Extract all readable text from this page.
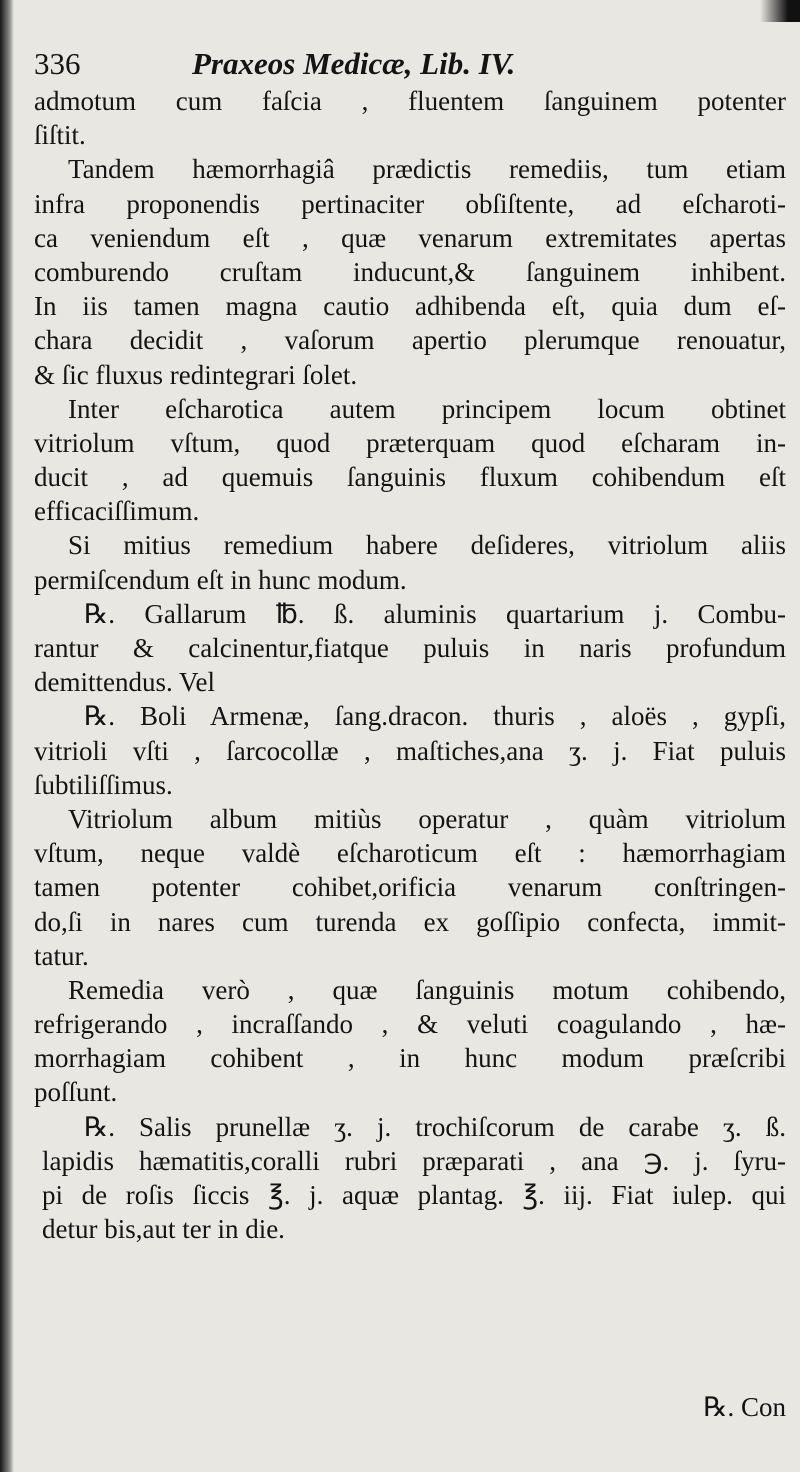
336	Praxeos Medicæ, Lib. IV.
admotum cum faſcia , fluentem ſanguinem potenter
ſiſtit.
Tandem hæmorrhagiâ prædictis remediis, tum etiam
infra proponendis pertinaciter obſiſtente, ad eſcharoti-
ca veniendum eſt , quæ venarum extremitates apertas
comburendo cruſtam inducunt,& ſanguinem inhibent.
In iis tamen magna cautio adhibenda eſt, quia dum eſ-
chara decidit , vaſorum apertio plerumque renouatur,
& ſic fluxus redintegrari ſolet.
Inter eſcharotica autem principem locum obtinet
vitriolum vſtum, quod præterquam quod eſcharam in-
ducit , ad quemuis ſanguinis fluxum cohibendum eſt
efficaciſſimum.
Si mitius remedium habere deſideres, vitriolum aliis
permiſcendum eſt in hunc modum.
℞. Gallarum ℔. ß. aluminis quartarium j. Combu-
rantur & calcinentur,fiatque puluis in naris profundum
demittendus. Vel
℞. Boli Armenæ, ſang.dracon. thuris , aloës , gypſi,
vitrioli vſti , ſarcocollæ , maſtiches,ana ʒ. j. Fiat puluis
ſubtiliſſimus.
Vitriolum album mitiùs operatur , quàm vitriolum
vſtum, neque valdè eſcharoticum eſt : hæmorrhagiam
tamen potenter cohibet,orificia venarum conſtringen-
do,ſi in nares cum turenda ex goſſipio confecta, immit-
tatur.
Remedia verò , quæ ſanguinis motum cohibendo,
refrigerando , incraſſando , & veluti coagulando , hæ-
morrhagiam cohibent , in hunc modum præſcribi
poſſunt.
℞. Salis prunellæ ʒ. j. trochiſcorum de carabe ʒ. ß.
lapidis hæmatitis,coralli rubri præparati , ana ℈. j. ſyru-
pi de roſis ſiccis ℥. j. aquæ plantag. ℥. iij. Fiat iulep. qui
detur bis,aut ter in die.
℞. Con
